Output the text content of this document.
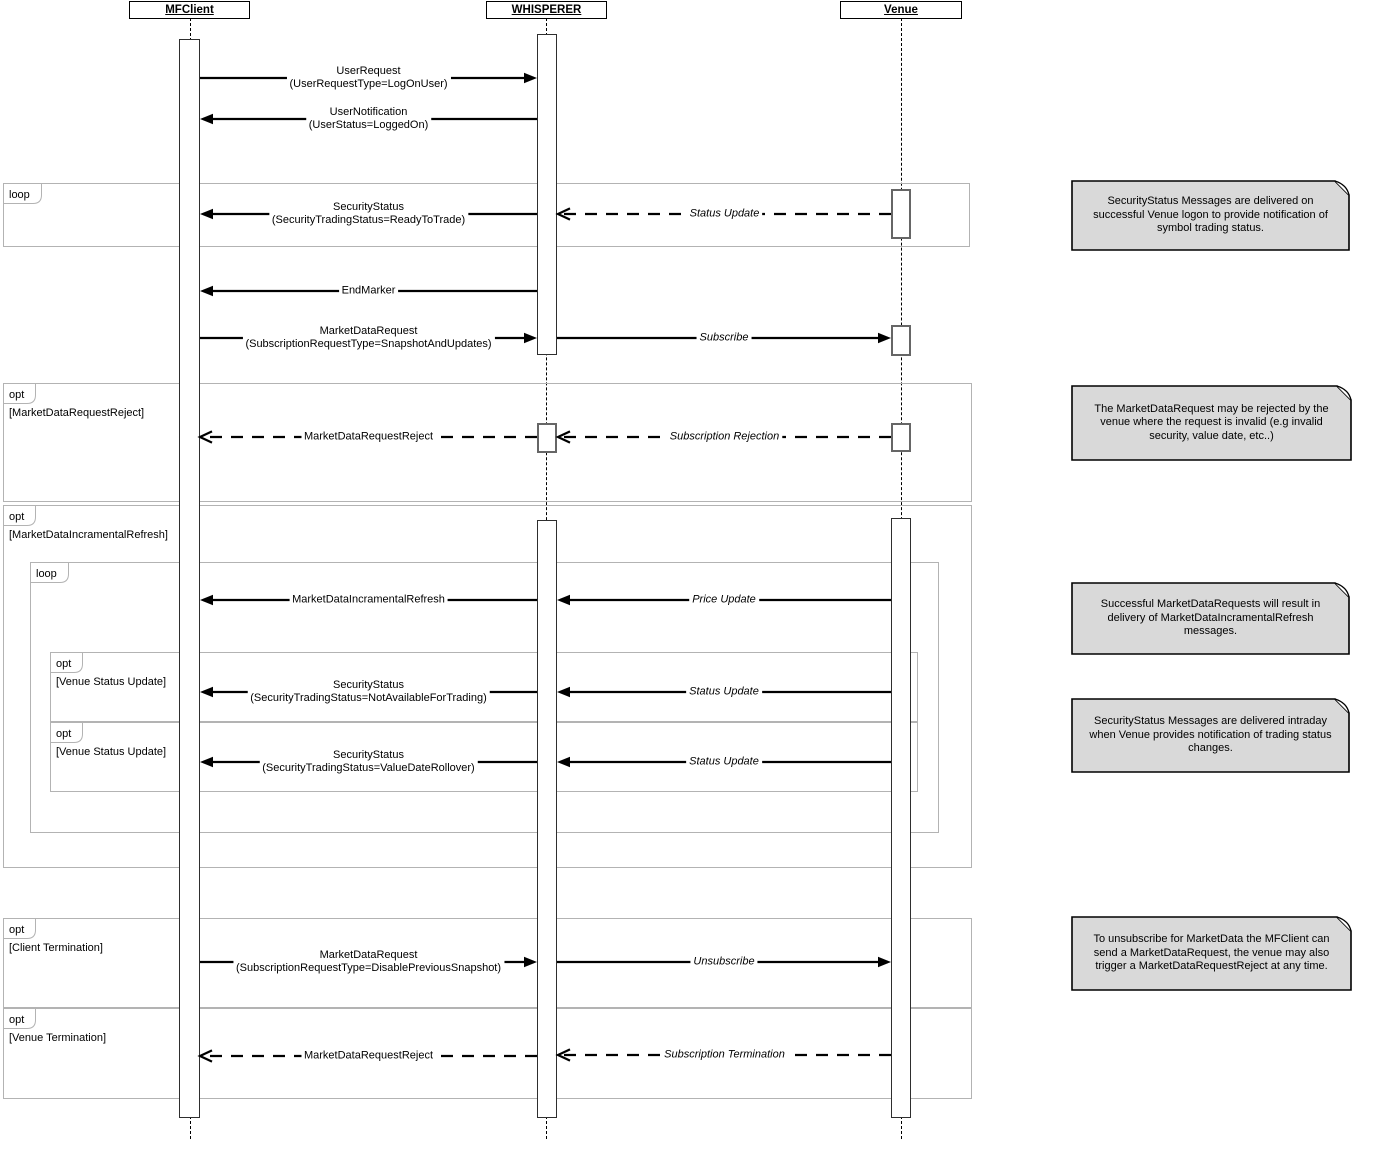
loop
opt
[MarketDataRequestReject]
opt
[MarketDataIncramentalRefresh]
loop
opt
[Venue Status Update]
opt
[Venue Status Update]
opt
[Client Termination]
opt
[Venue Termination]
UserRequest
(UserRequestType=LogOnUser)
UserNotification
(UserStatus=LoggedOn)
SecurityStatus
(SecurityTradingStatus=ReadyToTrade)
Status Update
EndMarker
MarketDataRequest
(SubscriptionRequestType=SnapshotAndUpdates)
Subscribe
MarketDataRequestReject	Subscription Rejection
MarketDataIncramentalRefresh	Price Update
SecurityStatus
(SecurityTradingStatus=NotAvailableForTrading)
Status Update
SecurityStatus
(SecurityTradingStatus=ValueDateRollover)
Status Update
MarketDataRequest
(SubscriptionRequestType=DisablePreviousSnapshot)
Unsubscribe
MarketDataRequestReject	Subscription Termination
SecurityStatus Messages are delivered on successful Venue logon to provide notification of symbol trading status.
The MarketDataRequest may be rejected by the venue where the request is invalid (e.g invalid security, value date, etc..)
Successful MarketDataRequests will result in delivery of MarketDataIncramentalRefresh messages.
SecurityStatus Messages are delivered intraday when Venue provides notification of trading status changes.
To unsubscribe for MarketData the MFClient can send a MarketDataRequest, the venue may also trigger a MarketDataRequestReject at any time.
MFClient	WHISPERER	Venue
